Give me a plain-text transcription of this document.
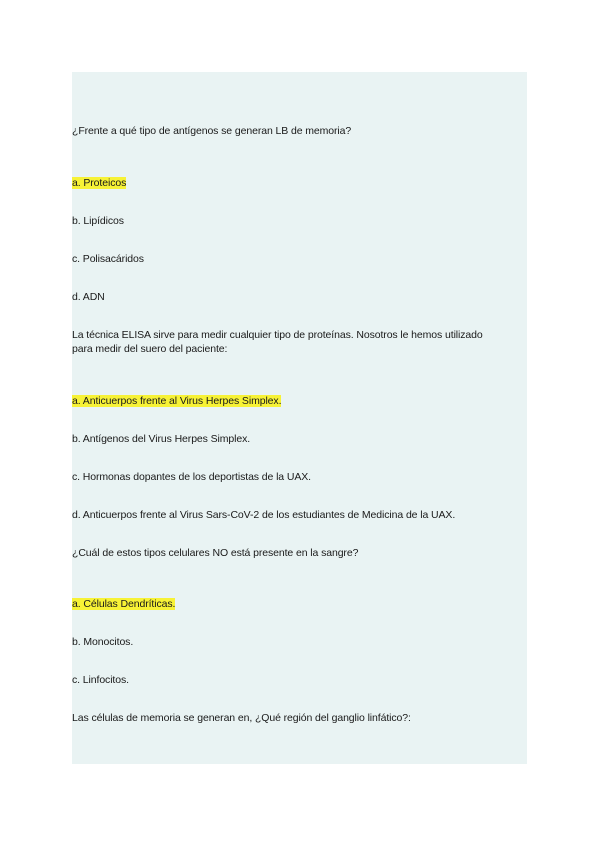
¿Frente a qué tipo de antígenos se generan LB de memoria?
a. Proteicos
b. Lipídicos
c. Polisacáridos
d. ADN
La técnica ELISA sirve para medir cualquier tipo de proteínas. Nosotros le hemos utilizado
para medir del suero del paciente:
a. Anticuerpos frente al Virus Herpes Simplex.
b. Antígenos del Virus Herpes Simplex.
c. Hormonas dopantes de los deportistas de la UAX.
d. Anticuerpos frente al Virus Sars-CoV-2 de los estudiantes de Medicina de la UAX.
¿Cuál de estos tipos celulares NO está presente en la sangre?
a. Células Dendríticas.
b. Monocitos.
c. Linfocitos.
Las células de memoria se generan en, ¿Qué región del ganglio linfático?:
